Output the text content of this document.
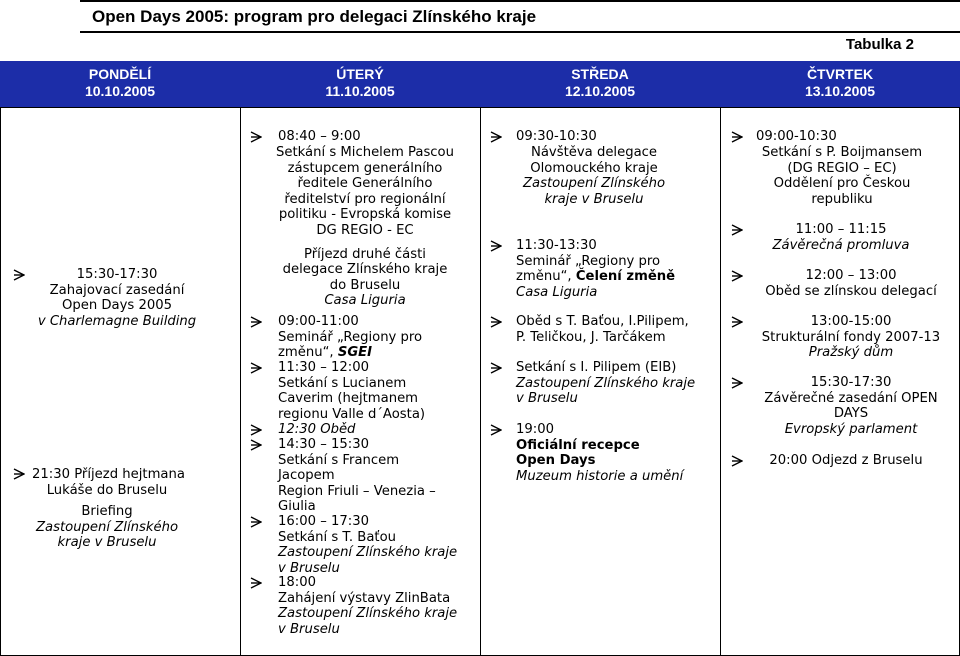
Open Days 2005: program pro delegaci Zlínského kraje
Tabulka 2
PONDĚLÍ
10.10.2005
ÚTERÝ
11.10.2005
STŘEDA
12.10.2005
ČTVRTEK
13.10.2005
15:30-17:30
Zahajovací zasedání
Open Days 2005
v Charlemagne Building
21:30 Příjezd hejtmana
Lukáše do Bruselu
Briefing
Zastoupení Zlínského
kraje v Bruselu
08:40 – 9:00
Setkání s Michelem Pascou
zástupcem generálního
ředitele Generálního
ředitelství pro regionální
politiku - Evropská komise
DG REGIO - EC
Příjezd druhé části
delegace Zlínského kraje
do Bruselu
Casa Liguria
09:00-11:00
Seminář „Regiony pro
změnu“, SGEI
11:30 – 12:00
Setkání s Lucianem
Caverim (hejtmanem
regionu Valle d´Aosta)
12:30 Oběd
14:30 – 15:30
Setkání s Francem
Jacopem
Region Friuli – Venezia –
Giulia
16:00 – 17:30
Setkání s T. Baťou
Zastoupení Zlínského kraje
v Bruselu
18:00
Zahájení výstavy ZlinBata
Zastoupení Zlínského kraje
v Bruselu
09:30-10:30
Návštěva delegace
Olomouckého kraje
Zastoupení Zlínského
kraje v Bruselu
11:30-13:30
Seminář „Regiony pro
změnu“, Čelení změně
Casa Liguria
Oběd s T. Baťou, I.Pilipem,
P. Teličkou, J. Tarčákem
Setkání s I. Pilipem (EIB)
Zastoupení Zlínského kraje
v Bruselu
19:00
Oficiální recepce
Open Days
Muzeum historie a umění
09:00-10:30
Setkání s P. Boijmansem
(DG REGIO – EC)
Oddělení pro Českou
republiku
11:00 – 11:15
Závěrečná promluva
12:00 – 13:00
Oběd se zlínskou delegací
13:00-15:00
Strukturální fondy 2007-13
Pražský dům
15:30-17:30
Závěrečné zasedání OPEN
DAYS
Evropský parlament
20:00 Odjezd z Bruselu
